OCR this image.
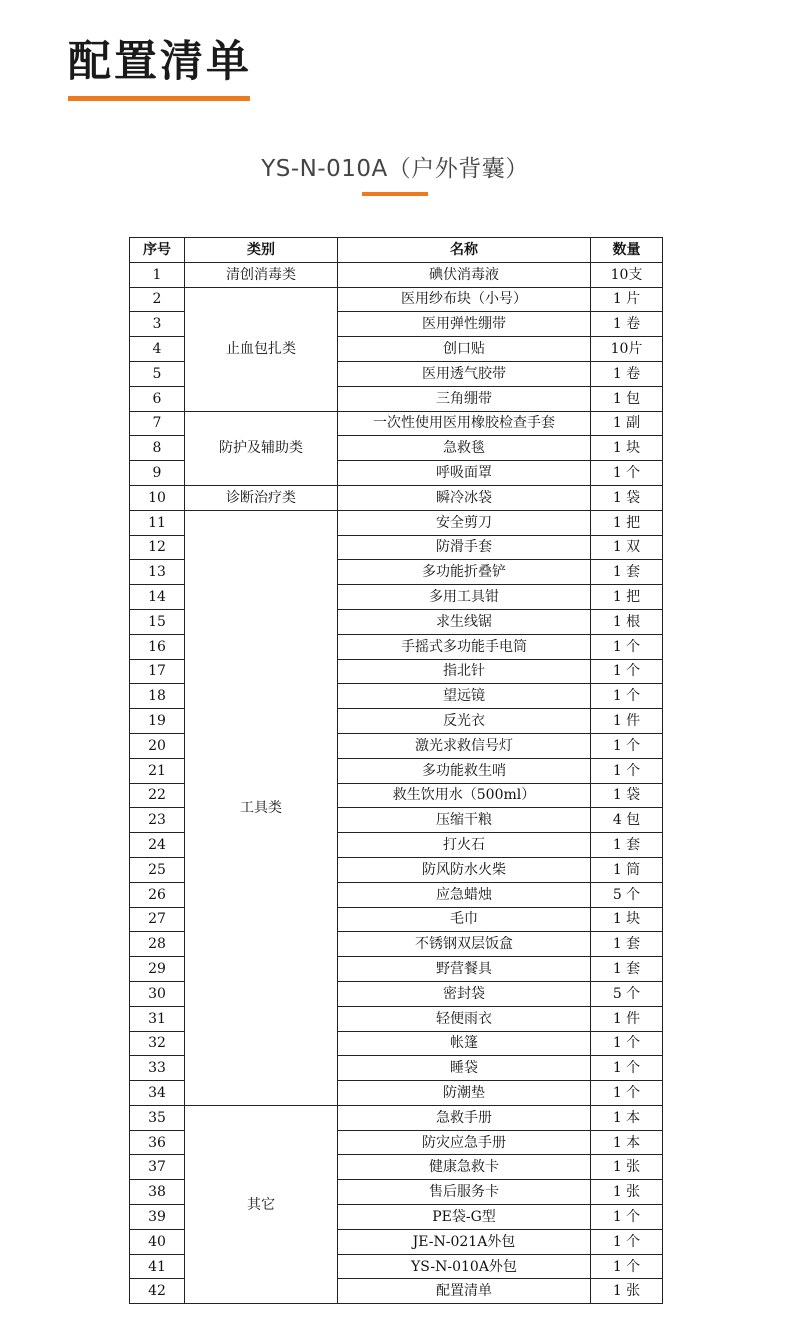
配置清单
YS-N-010A（户外背囊）
序号	类别	名称	数量
1	清创消毒类	碘伏消毒液	10支
2	止血包扎类	医用纱布块（小号）	1 片
3		医用弹性绷带	1 卷
4		创口贴	10片
5		医用透气胶带	1 卷
6		三角绷带	1 包
7	防护及辅助类	一次性使用医用橡胶检查手套	1 副
8		急救毯	1 块
9		呼吸面罩	1 个
10	诊断治疗类	瞬冷冰袋	1 袋
11	工具类	安全剪刀	1 把
12		防滑手套	1 双
13		多功能折叠铲	1 套
14		多用工具钳	1 把
15		求生线锯	1 根
16		手摇式多功能手电筒	1 个
17		指北针	1 个
18		望远镜	1 个
19		反光衣	1 件
20		激光求救信号灯	1 个
21		多功能救生哨	1 个
22		救生饮用水（500ml）	1 袋
23		压缩干粮	4 包
24		打火石	1 套
25		防风防水火柴	1 筒
26		应急蜡烛	5 个
27		毛巾	1 块
28		不锈钢双层饭盒	1 套
29		野营餐具	1 套
30		密封袋	5 个
31		轻便雨衣	1 件
32		帐篷	1 个
33		睡袋	1 个
34		防潮垫	1 个
35	其它	急救手册	1 本
36		防灾应急手册	1 本
37		健康急救卡	1 张
38		售后服务卡	1 张
39		PE袋-G型	1 个
40		JE-N-021A外包	1 个
41		YS-N-010A外包	1 个
42		配置清单	1 张
